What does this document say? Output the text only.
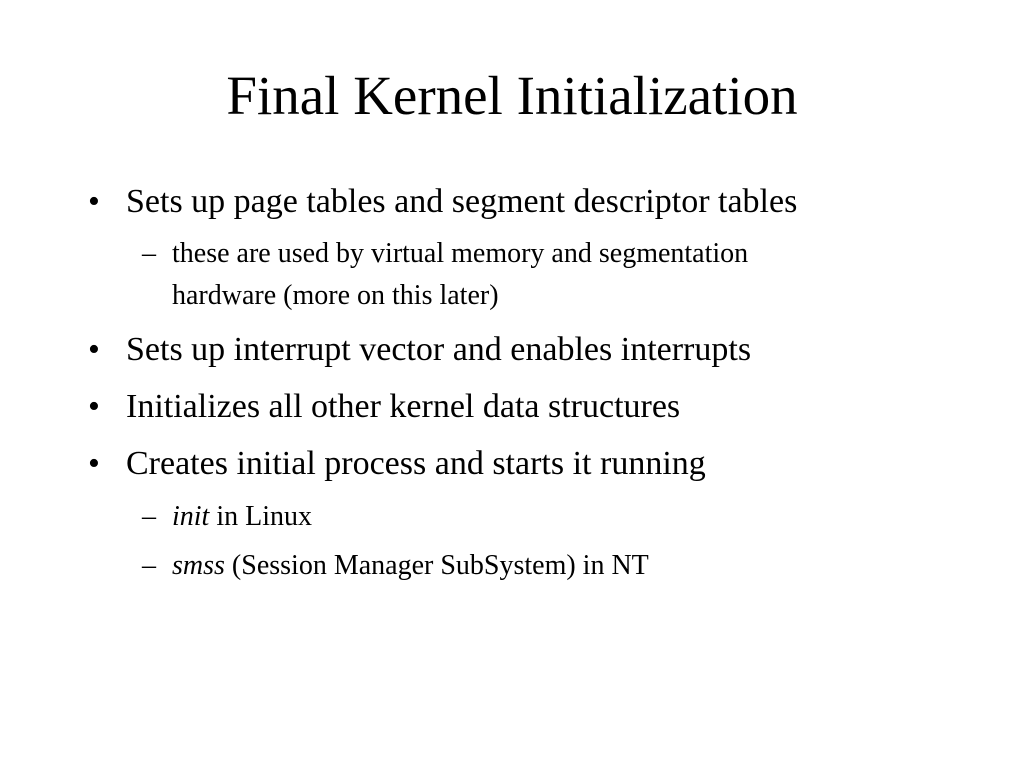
Final Kernel Initialization
• Sets up page tables and segment descriptor tables
– these are used by virtual memory and segmentation
hardware (more on this later)
• Sets up interrupt vector and enables interrupts
• Initializes all other kernel data structures
• Creates initial process and starts it running
– init in Linux
– smss (Session Manager SubSystem) in NT
